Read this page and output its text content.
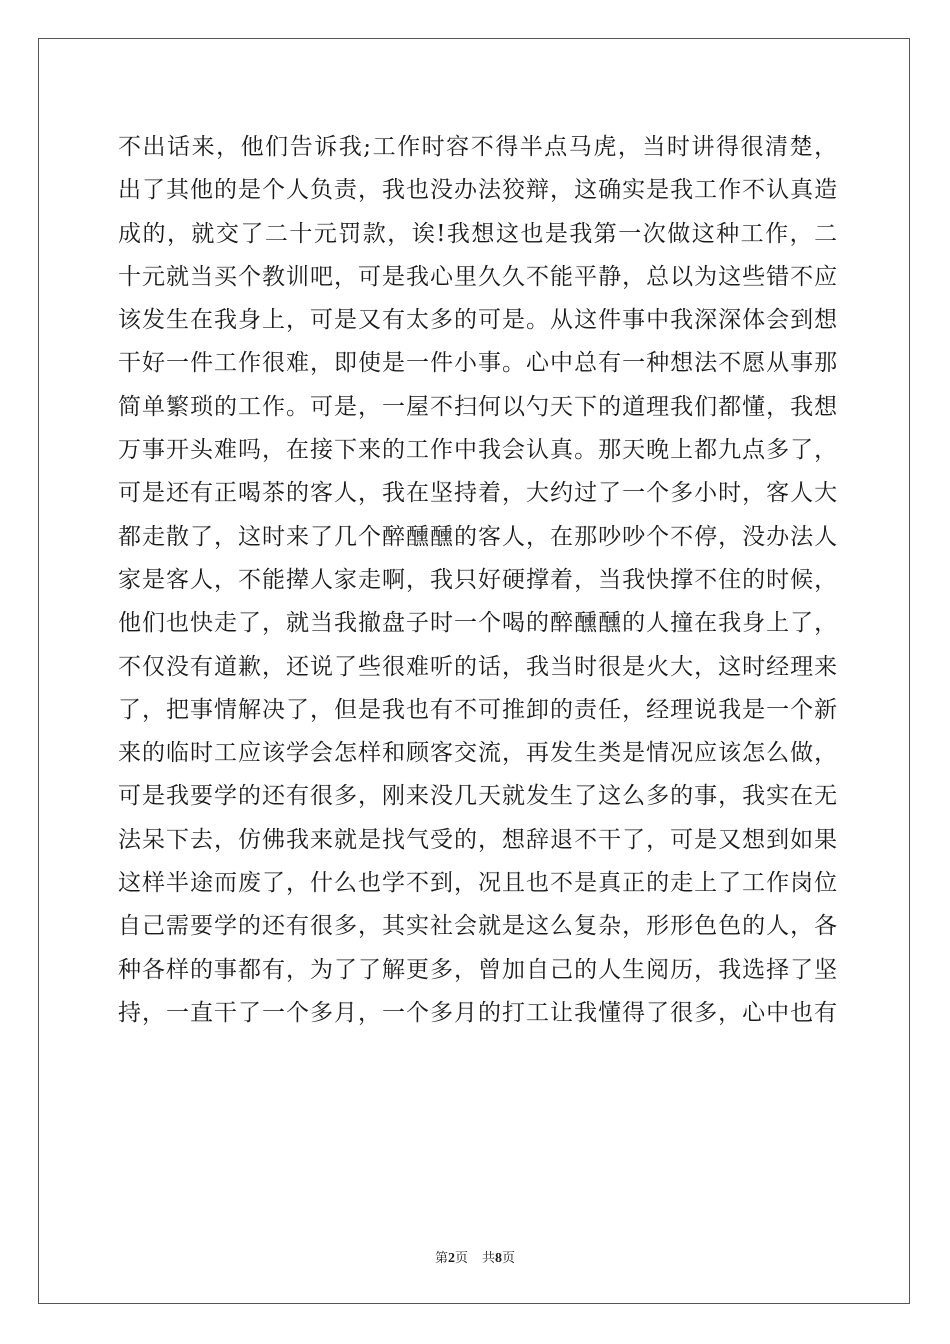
不出话来，他们告诉我;工作时容不得半点马虎，当时讲得很清楚，
出了其他的是个人负责，我也没办法狡辩，这确实是我工作不认真造
成的，就交了二十元罚款，诶!我想这也是我第一次做这种工作，二
十元就当买个教训吧，可是我心里久久不能平静，总以为这些错不应
该发生在我身上，可是又有太多的可是。从这件事中我深深体会到想
干好一件工作很难，即使是一件小事。心中总有一种想法不愿从事那
简单繁琐的工作。可是，一屋不扫何以勺天下的道理我们都懂，我想
万事开头难吗，在接下来的工作中我会认真。那天晚上都九点多了，
可是还有正喝茶的客人，我在坚持着，大约过了一个多小时，客人大
都走散了，这时来了几个醉醺醺的客人，在那吵吵个不停，没办法人
家是客人，不能撵人家走啊，我只好硬撑着，当我快撑不住的时候，
他们也快走了，就当我撤盘子时一个喝的醉醺醺的人撞在我身上了，
不仅没有道歉，还说了些很难听的话，我当时很是火大，这时经理来
了，把事情解决了，但是我也有不可推卸的责任，经理说我是一个新
来的临时工应该学会怎样和顾客交流，再发生类是情况应该怎么做，
可是我要学的还有很多，刚来没几天就发生了这么多的事，我实在无
法呆下去，仿佛我来就是找气受的，想辞退不干了，可是又想到如果
这样半途而废了，什么也学不到，况且也不是真正的走上了工作岗位
自己需要学的还有很多，其实社会就是这么复杂，形形色色的人，各
种各样的事都有，为了了解更多，曾加自己的人生阅历，我选择了坚
持，一直干了一个多月，一个多月的打工让我懂得了很多，心中也有
第2页 共8页
